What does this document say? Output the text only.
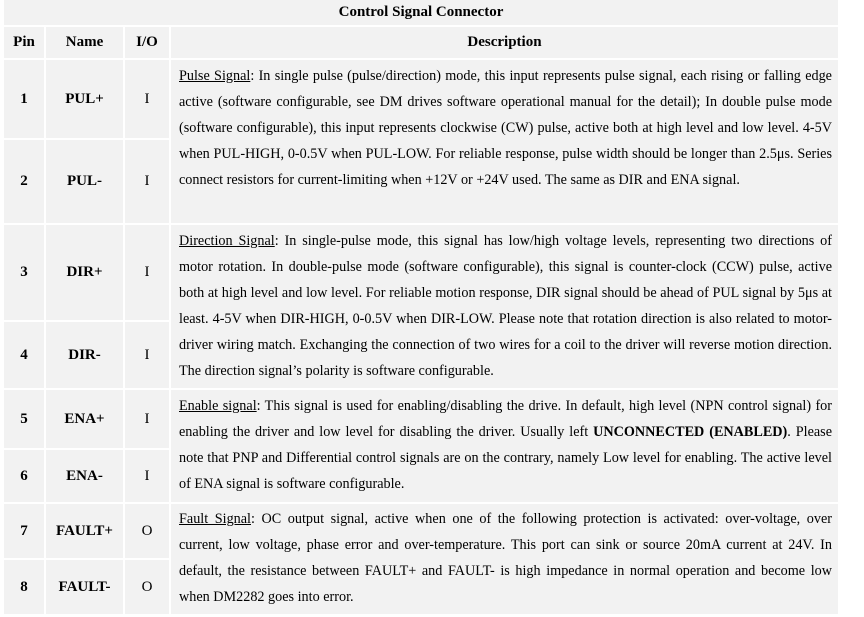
Control Signal Connector
Pin	Name	I/O	Description
1	PUL+	I
2	PUL-	I
Pulse Signal: In single pulse (pulse/direction) mode, this input represents pulse signal, each rising or falling edge active (software configurable, see DM drives software operational manual for the detail); In double pulse mode (software configurable), this input represents clockwise (CW) pulse, active both at high level and low level. 4-5V when PUL-HIGH, 0-0.5V when PUL-LOW. For reliable response, pulse width should be longer than 2.5μs. Series connect resistors for current-limiting when +12V or +24V used. The same as DIR and ENA signal.
3	DIR+	I
4	DIR-	I
Direction Signal: In single-pulse mode, this signal has low/high voltage levels, representing two directions of motor rotation. In double-pulse mode (software configurable), this signal is counter-clock (CCW) pulse, active both at high level and low level. For reliable motion response, DIR signal should be ahead of PUL signal by 5μs at least. 4-5V when DIR-HIGH, 0-0.5V when DIR-LOW. Please note that rotation direction is also related to motor-driver wiring match. Exchanging the connection of two wires for a coil to the driver will reverse motion direction. The direction signal’s polarity is software configurable.
5	ENA+	I
6	ENA-	I
Enable signal: This signal is used for enabling/disabling the drive. In default, high level (NPN control signal) for enabling the driver and low level for disabling the driver. Usually left UNCONNECTED (ENABLED). Please note that PNP and Differential control signals are on the contrary, namely Low level for enabling. The active level of ENA signal is software configurable.
7	FAULT+	O
8	FAULT-	O
Fault Signal: OC output signal, active when one of the following protection is activated: over-voltage, over current, low voltage, phase error and over-temperature. This port can sink or source 20mA current at 24V. In default, the resistance between FAULT+ and FAULT- is high impedance in normal operation and become low when DM2282 goes into error.
